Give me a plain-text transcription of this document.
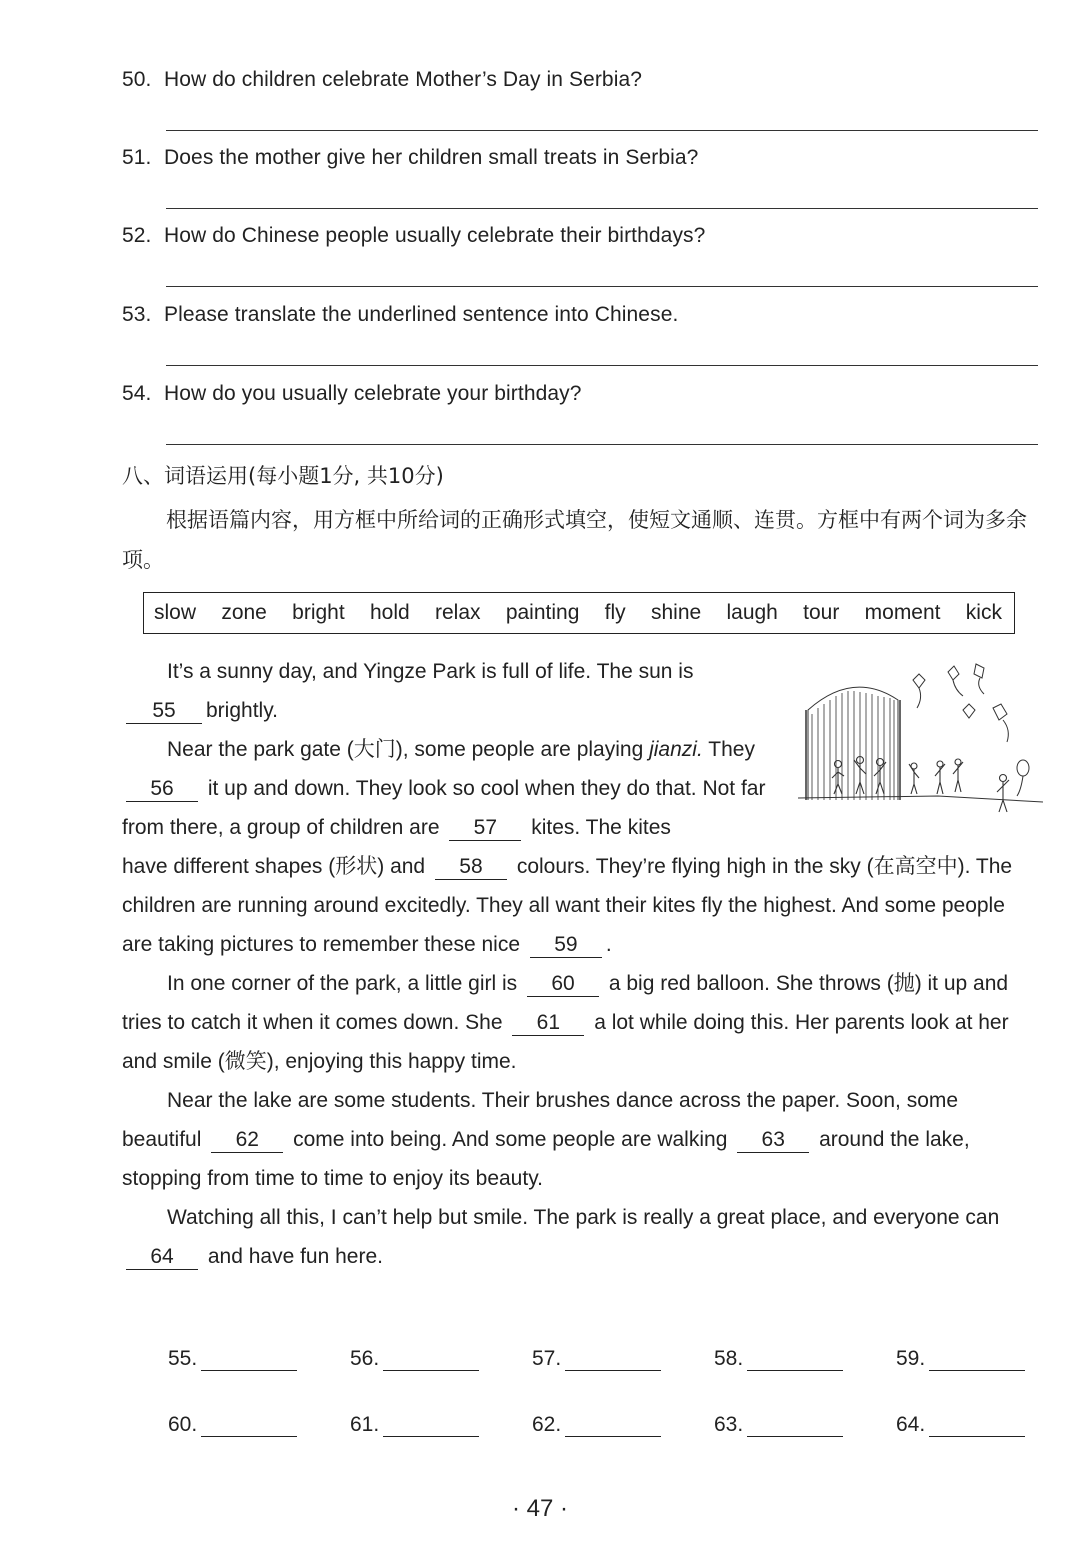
50. How do children celebrate Mother’s Day in Serbia?
51. Does the mother give her children small treats in Serbia?
52. How do Chinese people usually celebrate their birthdays?
53. Please translate the underlined sentence into Chinese.
54. How do you usually celebrate your birthday?
八、词语运用(每小题1分, 共10分)
根据语篇内容，用方框中所给词的正确形式填空，使短文通顺、连贯。方框中有两个词为多余项。
slow zone bright hold relax painting fly shine laugh tour moment kick

It’s a sunny day, and Yingze Park is full of life. The sun is 55 brightly.
Near the park gate (大门), some people are playing jianzi. They 56 it up and down. They look so cool when they do that. Not far from there, a group of children are 57 kites. The kites

have different shapes (形状) and 58 colours. They’re flying high in the sky (在高空中). The children are running around excitedly. They all want their kites fly the highest. And some people are taking pictures to remember these nice 59 .

In one corner of the park, a little girl is 60 a big red balloon. She throws (抛) it up and tries to catch it when it comes down. She 61 a lot while doing this. Her parents look at her and smile (微笑), enjoying this happy time.

Near the lake are some students. Their brushes dance across the paper. Soon, some beautiful 62 come into being. And some people are walking 63 around the lake, stopping from time to time to enjoy its beauty.

Watching all this, I can’t help but smile. The park is really a great place, and everyone can 64 and have fun here.

55.	56.	57.	58.	59.
60.	61.	62.	63.	64.
· 47 ·
